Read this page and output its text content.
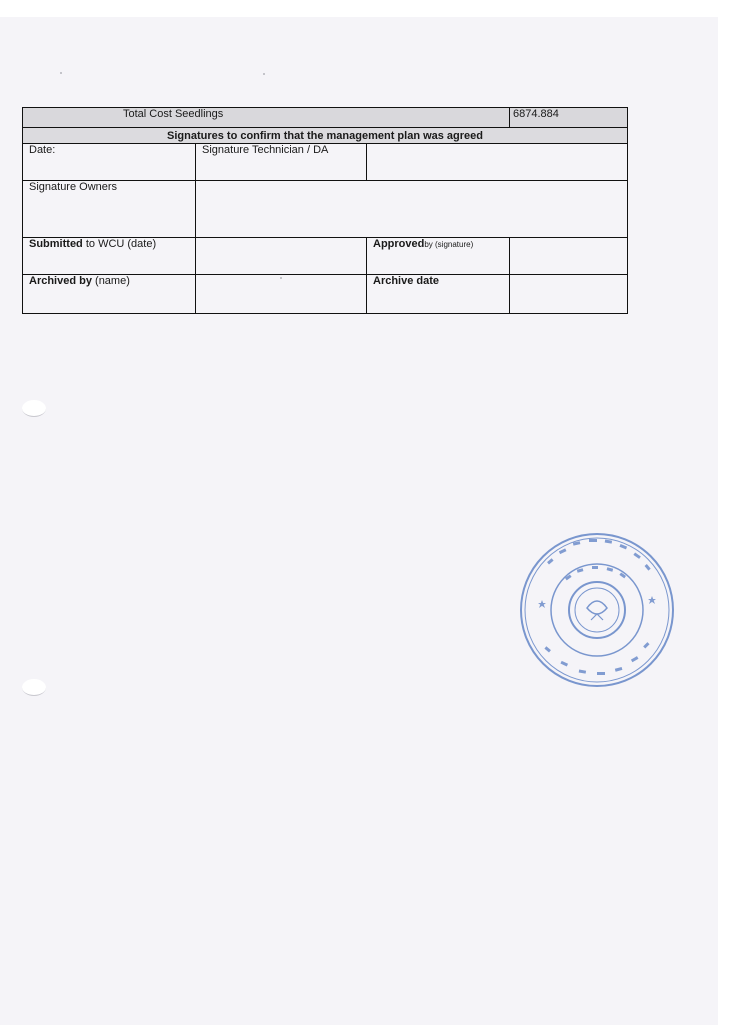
Total Cost Seedlings			6874.884
Signatures to confirm that the management plan was agreed			
Date:	Signature Technician / DA		
Signature Owners			
Submitted to WCU (date)		Approvedby (signature)	
Archived by (name)		Archive date	
